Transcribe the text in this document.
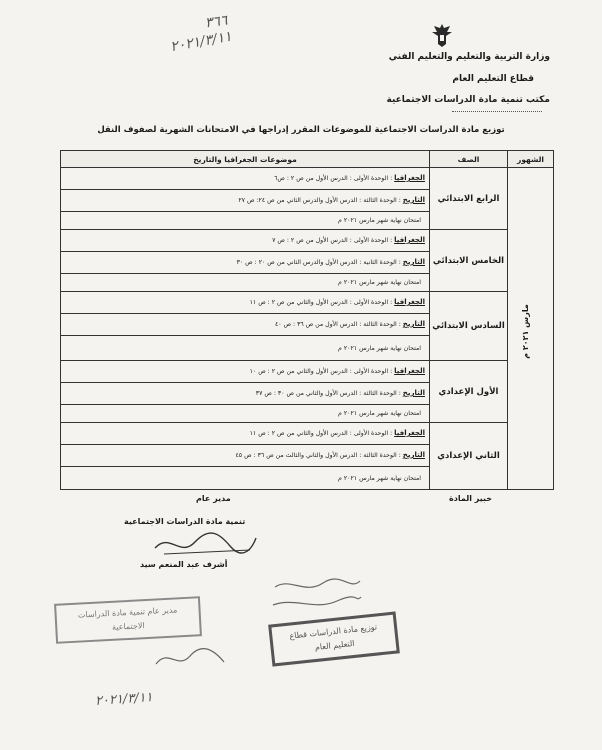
٣٦٦
٢٠٢١/٣/١١
وزارة التربية والتعليم والتعليم الفني
قطاع التعليم العام
مكتب تنمية مادة الدراسات الاجتماعية
توزيع مادة الدراسات الاجتماعية للموضوعات المقرر إدراجها في الامتحانات الشهرية لصفوف النقل
الشهور	الصف	موضوعات الجغرافيا والتاريخ
مارس ٢٠٢١ م	الرابع الابتدائي	الجغرافيا : الوحدة الأولى : الدرس الأول من ص ٢ : ص٦
		التاريخ : الوحدة الثالثة : الدرس الأول والدرس الثاني من ص ٢٤: ص ٢٧
		امتحان نهاية شهر مارس ٢٠٢١ م
	الخامس الابتدائي	الجغرافيا : الوحدة الأولى : الدرس الأول من ص ٢ : ص ٧
		التاريخ : الوحدة الثانية : الدرس الأول والدرس الثاني من ص ٢٠ : ص ٣٠
		امتحان نهاية شهر مارس ٢٠٢١ م
	السادس الابتدائي	الجغرافيا : الوحدة الأولى : الدرس الأول والثاني من ص ٢ : ص ١١
		التاريخ : الوحدة الثالثة : الدرس الأول من ص ٣٦ : ص ٤٠
		امتحان نهاية شهر مارس ٢٠٢١ م
	الأول الإعدادي	الجغرافيا : الوحدة الأولى : الدرس الأول والثاني من ص ٢ : ص ١٠
		التاريخ : الوحدة الثالثة : الدرس الأول والثاني من ص ٣٠ : ص ٣٧
		امتحان نهاية شهر مارس ٢٠٢١ م
	الثاني الإعدادي	الجغرافيا : الوحدة الأولى : الدرس الأول والثاني من ص ٢ : ص ١١
		التاريخ : الوحدة الثالثة : الدرس الأول والثاني والثالث من ص ٣٦ : ص ٤٥
		امتحان نهاية شهر مارس ٢٠٢١ م
خبير المادة
مدير عام
تنمية مادة الدراسات الاجتماعية
أشرف عبد المنعم سيد
مدير عام تنمية مادة الدراسات الاجتماعية	توزيع مادة الدراسات قطاع التعليم العام
٢٠٢١/٣/١١
